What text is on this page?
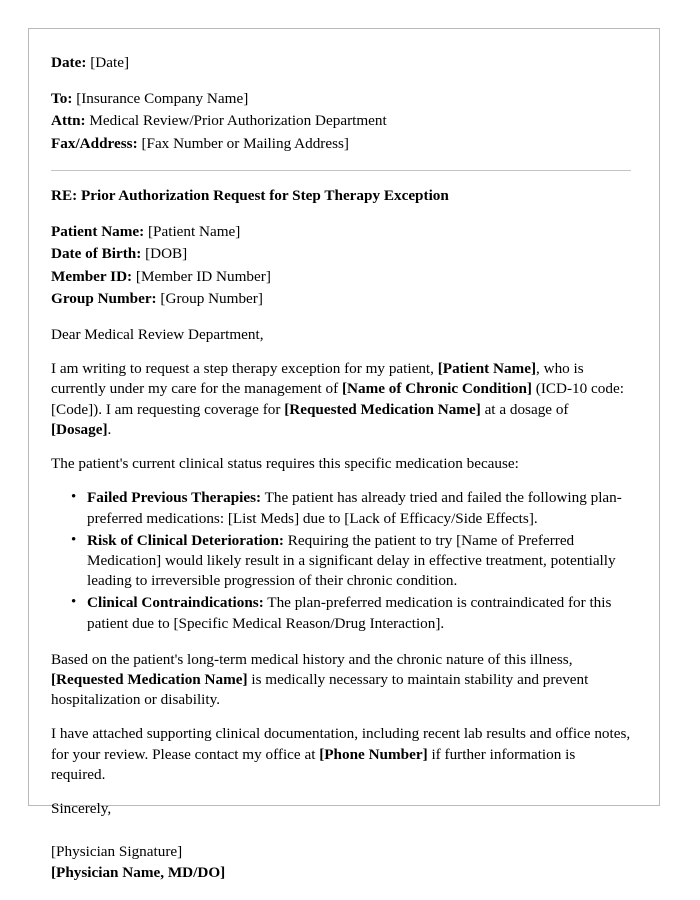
Date: [Date]
To: [Insurance Company Name]
Attn: Medical Review/Prior Authorization Department
Fax/Address: [Fax Number or Mailing Address]
RE: Prior Authorization Request for Step Therapy Exception
Patient Name: [Patient Name]
Date of Birth: [DOB]
Member ID: [Member ID Number]
Group Number: [Group Number]

Dear Medical Review Department,

I am writing to request a step therapy exception for my patient, [Patient Name], who is currently under my care for the management of [Name of Chronic Condition] (ICD-10 code: [Code]). I am requesting coverage for [Requested Medication Name] at a dosage of [Dosage].

The patient's current clinical status requires this specific medication because:

• Failed Previous Therapies: The patient has already tried and failed the following plan-preferred medications: [List Meds] due to [Lack of Efficacy/Side Effects].
• Risk of Clinical Deterioration: Requiring the patient to try [Name of Preferred Medication] would likely result in a significant delay in effective treatment, potentially leading to irreversible progression of their chronic condition.
• Clinical Contraindications: The plan-preferred medication is contraindicated for this patient due to [Specific Medical Reason/Drug Interaction].

Based on the patient's long-term medical history and the chronic nature of this illness, [Requested Medication Name] is medically necessary to maintain stability and prevent hospitalization or disability.

I have attached supporting clinical documentation, including recent lab results and office notes, for your review. Please contact my office at [Phone Number] if further information is required.

Sincerely,

[Physician Signature]

[Physician Name, MD/DO]
